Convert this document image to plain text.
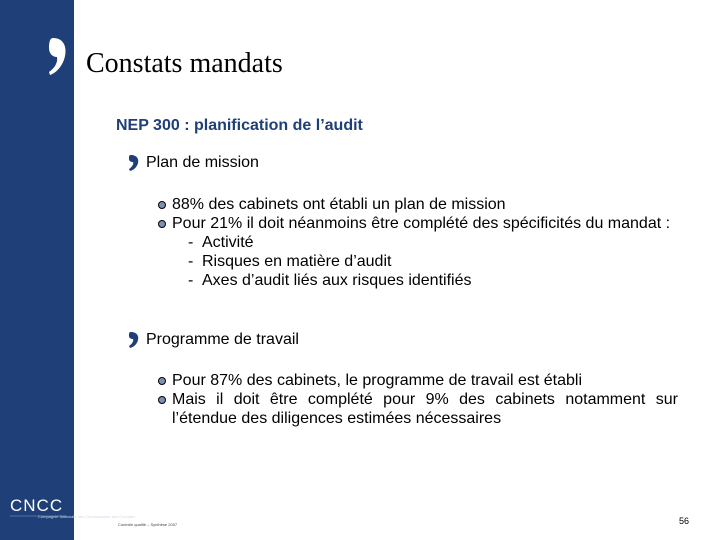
Constats mandats
NEP 300 : planification de l’audit
Plan de mission
88% des cabinets ont établi un plan de mission
Pour 21% il doit néanmoins être complété des spécificités du mandat :
- Activité
- Risques en matière d’audit
- Axes d’audit liés aux risques identifiés
Programme de travail
Pour 87% des cabinets, le programme de travail est établi
Mais il doit être complété pour 9% des cabinets notamment sur l’étendue des diligences estimées nécessaires
CNCC
Compagnie Nationale des Commissaires aux Comptes
Contrôle qualité – Synthèse 2007	56
